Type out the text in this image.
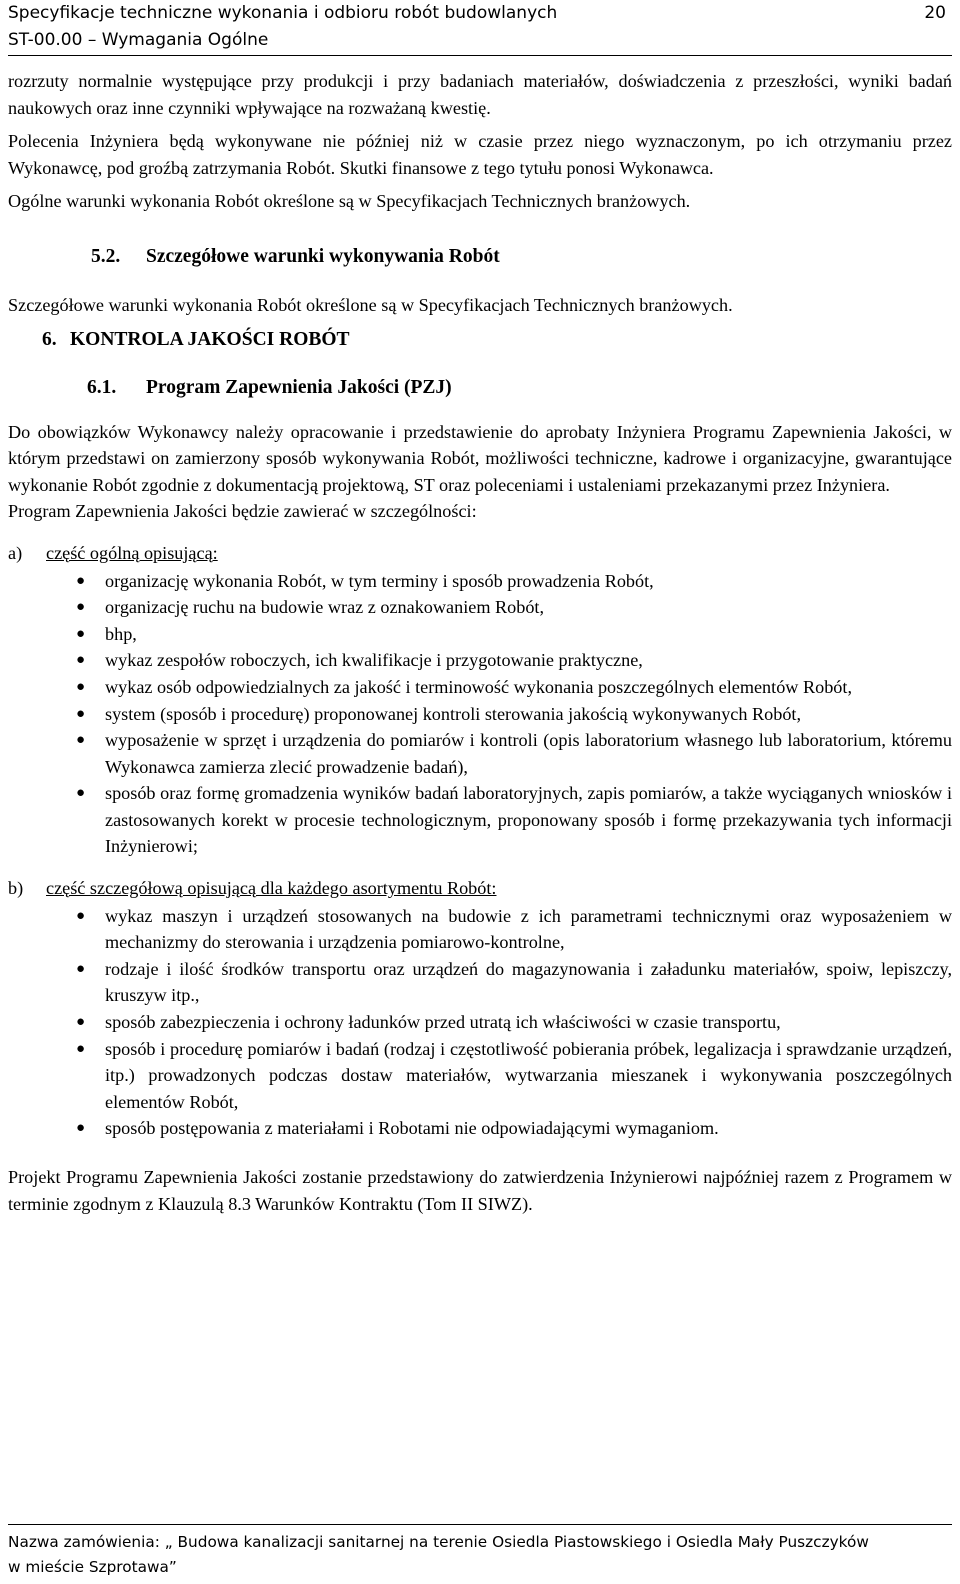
Specyfikacje techniczne wykonania i odbioru robót budowlanych
ST-00.00 – Wymagania Ogólne
20

rozrzuty normalnie występujące przy produkcji i przy badaniach materiałów, doświadczenia z przeszłości, wyniki badań naukowych oraz inne czynniki wpływające na rozważaną kwestię.

Polecenia Inżyniera będą wykonywane nie później niż w czasie przez niego wyznaczonym, po ich otrzymaniu przez Wykonawcę, pod groźbą zatrzymania Robót. Skutki finansowe z tego tytułu ponosi Wykonawca.

Ogólne warunki wykonania Robót określone są w Specyfikacjach Technicznych branżowych.

5.2. Szczegółowe warunki wykonywania Robót

Szczegółowe warunki wykonania Robót określone są w Specyfikacjach Technicznych branżowych.

6. KONTROLA JAKOŚCI ROBÓT
6.1. Program Zapewnienia Jakości (PZJ)

Do obowiązków Wykonawcy należy opracowanie i przedstawienie do aprobaty Inżyniera Programu Zapewnienia Jakości, w którym przedstawi on zamierzony sposób wykonywania Robót, możliwości techniczne, kadrowe i organizacyjne, gwarantujące wykonanie Robót zgodnie z dokumentacją projektową, ST oraz poleceniami i ustaleniami przekazanymi przez Inżyniera.

Program Zapewnienia Jakości będzie zawierać w szczególności:

a) część ogólną opisującą:
● organizację wykonania Robót, w tym terminy i sposób prowadzenia Robót,
● organizację ruchu na budowie wraz z oznakowaniem Robót,
● bhp,
● wykaz zespołów roboczych, ich kwalifikacje i przygotowanie praktyczne,
● wykaz osób odpowiedzialnych za jakość i terminowość wykonania poszczególnych elementów Robót,
● system (sposób i procedurę) proponowanej kontroli sterowania jakością wykonywanych Robót,
● wyposażenie w sprzęt i urządzenia do pomiarów i kontroli (opis laboratorium własnego lub laboratorium, któremu Wykonawca zamierza zlecić prowadzenie badań),
● sposób oraz formę gromadzenia wyników badań laboratoryjnych, zapis pomiarów, a także wyciąganych wniosków i zastosowanych korekt w procesie technologicznym, proponowany sposób i formę przekazywania tych informacji Inżynierowi;
b) część szczegółową opisującą dla każdego asortymentu Robót:
● wykaz maszyn i urządzeń stosowanych na budowie z ich parametrami technicznymi oraz wyposażeniem w mechanizmy do sterowania i urządzenia pomiarowo-kontrolne,
● rodzaje i ilość środków transportu oraz urządzeń do magazynowania i załadunku materiałów, spoiw, lepiszczy, kruszyw itp.,
● sposób zabezpieczenia i ochrony ładunków przed utratą ich właściwości w czasie transportu,
● sposób i procedurę pomiarów i badań (rodzaj i częstotliwość pobierania próbek, legalizacja i sprawdzanie urządzeń, itp.) prowadzonych podczas dostaw materiałów, wytwarzania mieszanek i wykonywania poszczególnych elementów Robót,
● sposób postępowania z materiałami i Robotami nie odpowiadającymi wymaganiom.

Projekt Programu Zapewnienia Jakości zostanie przedstawiony do zatwierdzenia Inżynierowi najpóźniej razem z Programem w terminie zgodnym z Klauzulą 8.3 Warunków Kontraktu (Tom II SIWZ).

Nazwa zamówienia: „ Budowa kanalizacji sanitarnej na terenie Osiedla Piastowskiego i Osiedla Mały Puszczyków
w mieście Szprotawa”
